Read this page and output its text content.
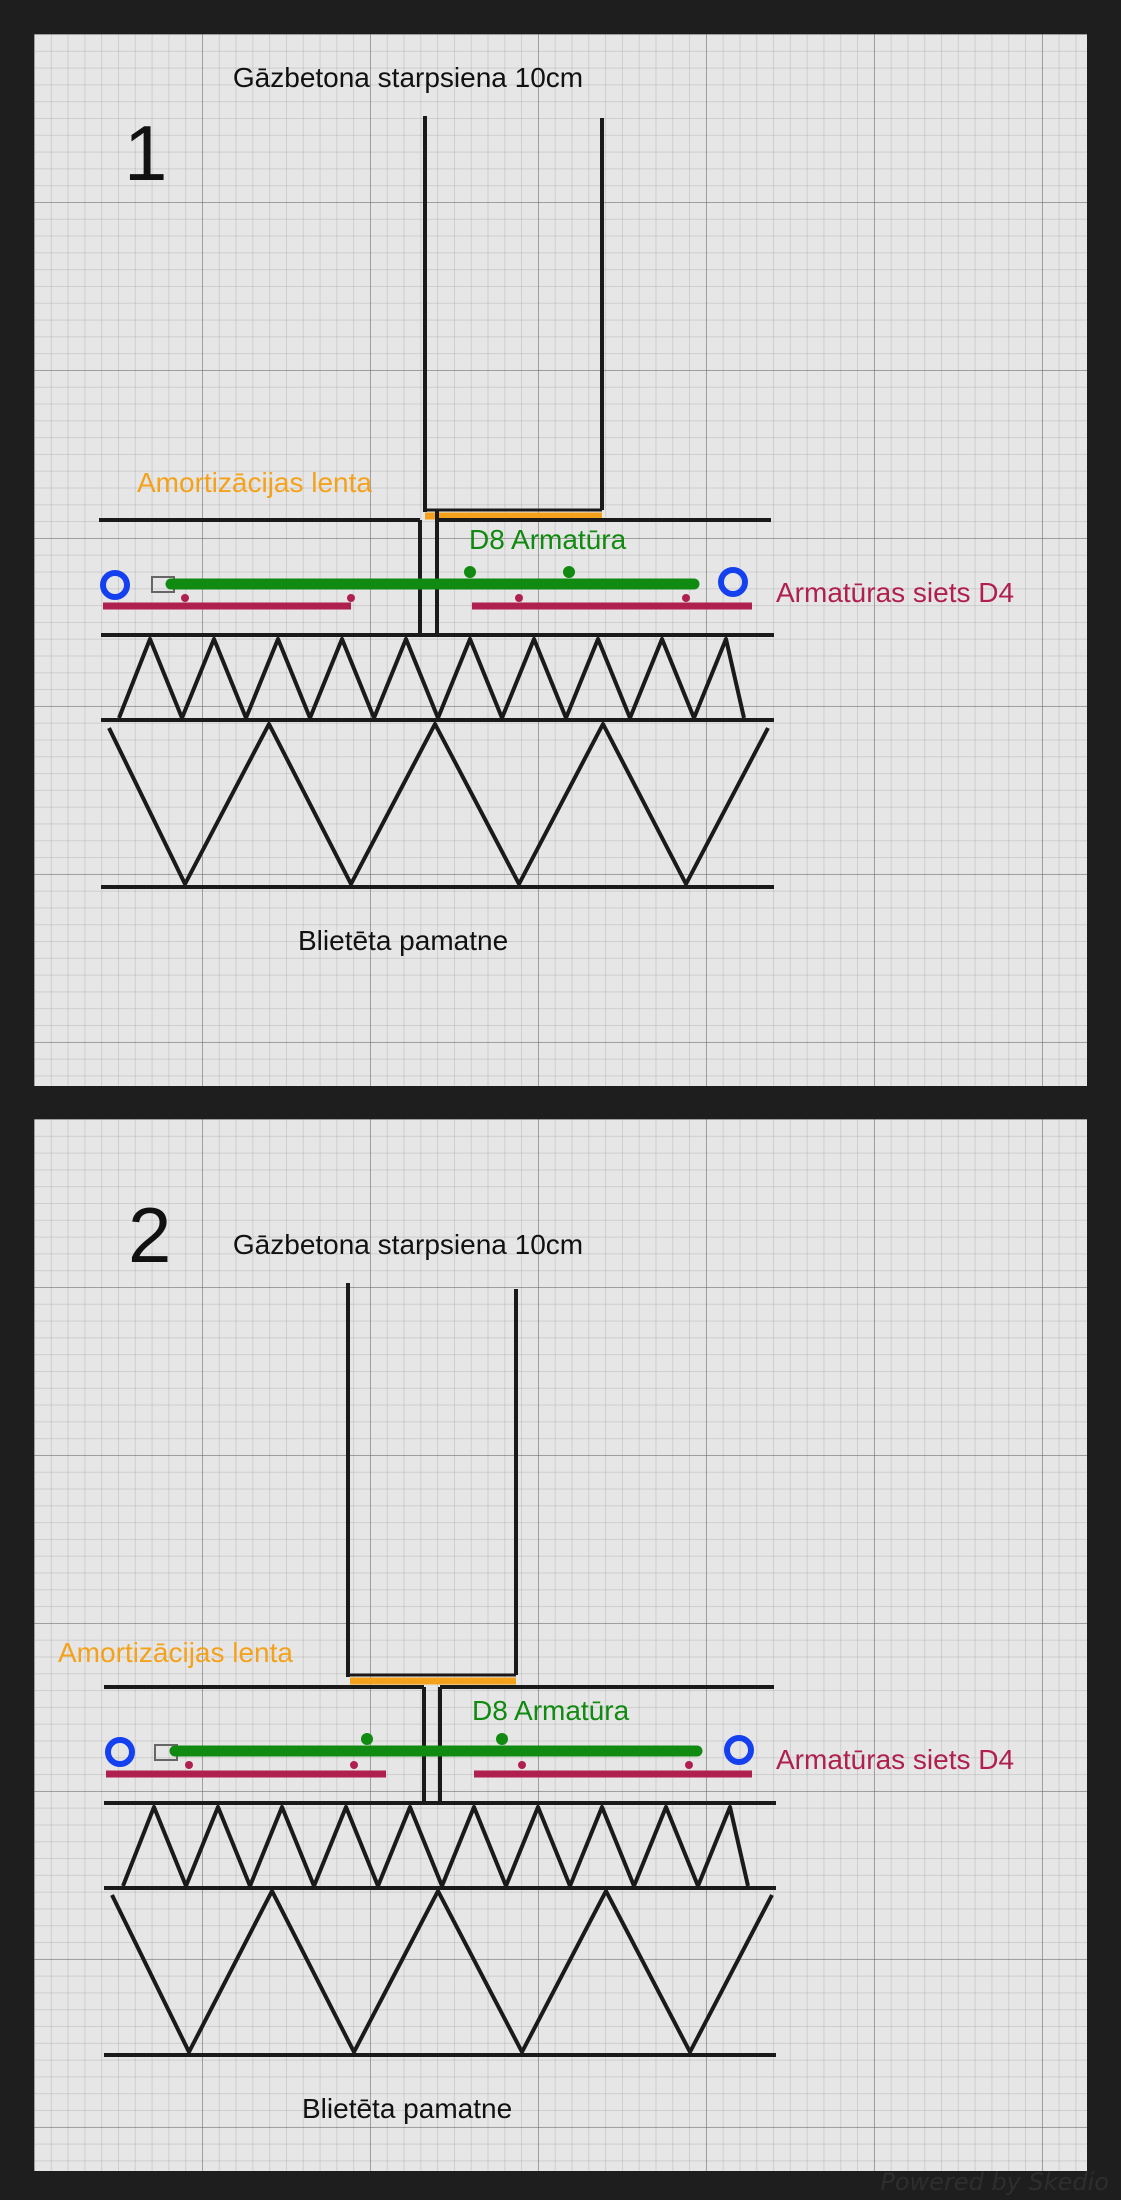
1
Gāzbetona starpsiena 10cm
Amortizācijas lenta
D8 Armatūra
Armatūras siets D4
Blietēta pamatne
2 Gāzbetona starpsiena 10cm
Amortizācijas lenta
D8 Armatūra
Armatūras siets D4
Blietēta pamatne
Powered by Skedio
